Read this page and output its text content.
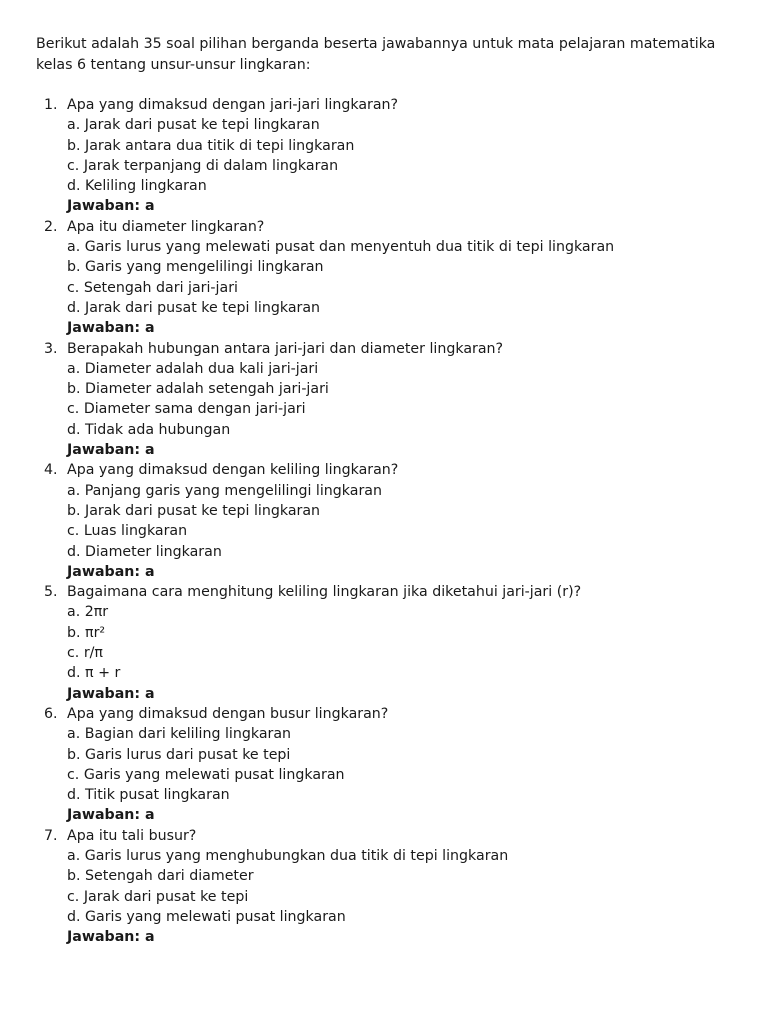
Berikut adalah 35 soal pilihan berganda beserta jawabannya untuk mata pelajaran matematika kelas 6 tentang unsur-unsur lingkaran:

1. Apa yang dimaksud dengan jari-jari lingkaran?
a. Jarak dari pusat ke tepi lingkaran
b. Jarak antara dua titik di tepi lingkaran
c. Jarak terpanjang di dalam lingkaran
d. Keliling lingkaran
Jawaban: a
2. Apa itu diameter lingkaran?
a. Garis lurus yang melewati pusat dan menyentuh dua titik di tepi lingkaran
b. Garis yang mengelilingi lingkaran
c. Setengah dari jari-jari
d. Jarak dari pusat ke tepi lingkaran
Jawaban: a
3. Berapakah hubungan antara jari-jari dan diameter lingkaran?
a. Diameter adalah dua kali jari-jari
b. Diameter adalah setengah jari-jari
c. Diameter sama dengan jari-jari
d. Tidak ada hubungan
Jawaban: a
4. Apa yang dimaksud dengan keliling lingkaran?
a. Panjang garis yang mengelilingi lingkaran
b. Jarak dari pusat ke tepi lingkaran
c. Luas lingkaran
d. Diameter lingkaran
Jawaban: a
5. Bagaimana cara menghitung keliling lingkaran jika diketahui jari-jari (r)?
a. 2πr
b. πr²
c. r/π
d. π + r
Jawaban: a
6. Apa yang dimaksud dengan busur lingkaran?
a. Bagian dari keliling lingkaran
b. Garis lurus dari pusat ke tepi
c. Garis yang melewati pusat lingkaran
d. Titik pusat lingkaran
Jawaban: a
7. Apa itu tali busur?
a. Garis lurus yang menghubungkan dua titik di tepi lingkaran
b. Setengah dari diameter
c. Jarak dari pusat ke tepi
d. Garis yang melewati pusat lingkaran
Jawaban: a
